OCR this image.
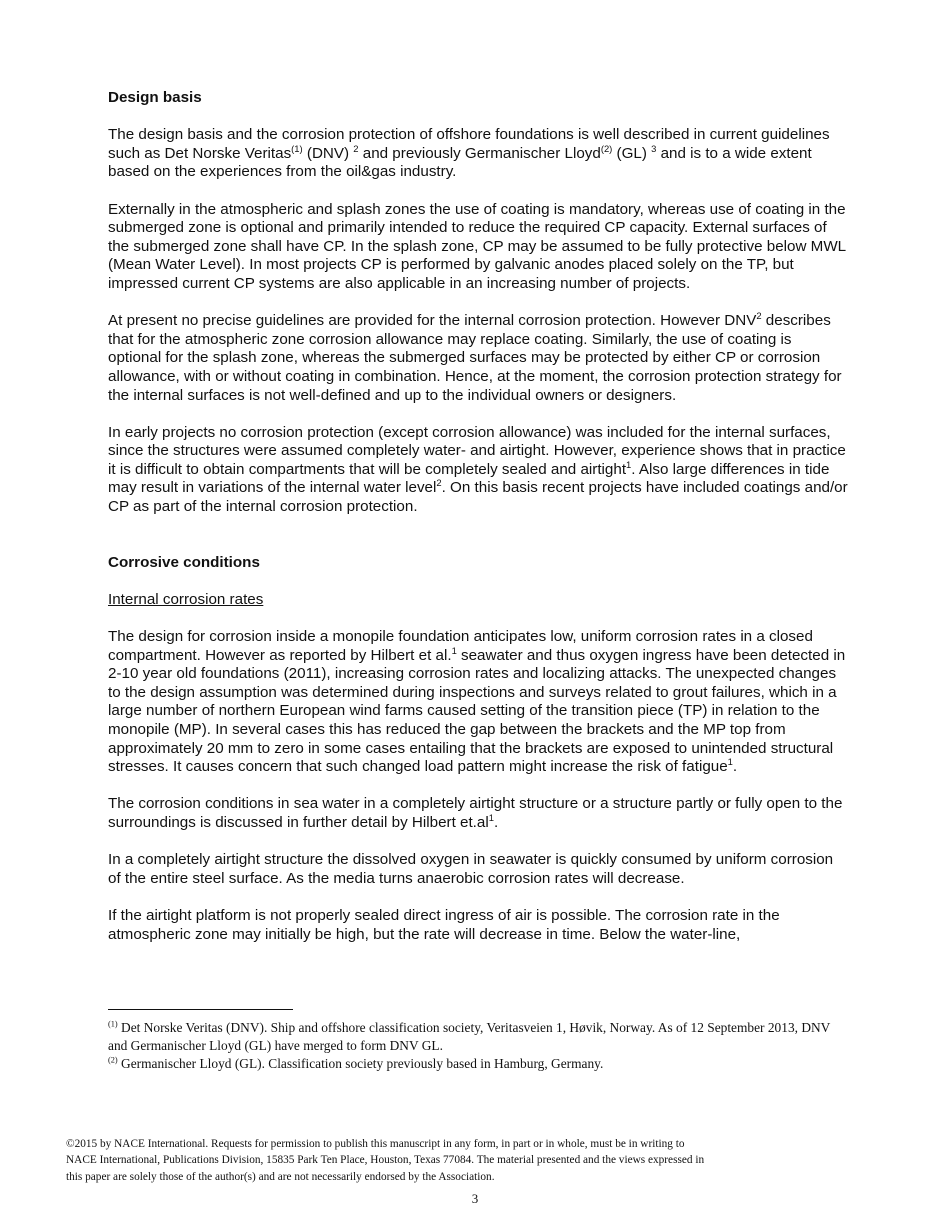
Design basis

The design basis and the corrosion protection of offshore foundations is well described in current guidelines such as Det Norske Veritas$^{(1)}$ (DNV) $^2$ and previously Germanischer Lloyd$^{(2)}$ (GL) $^3$ and is to a wide extent based on the experiences from the oil&gas industry.

Externally in the atmospheric and splash zones the use of coating is mandatory, whereas use of coating in the submerged zone is optional and primarily intended to reduce the required CP capacity. External surfaces of the submerged zone shall have CP. In the splash zone, CP may be assumed to be fully protective below MWL (Mean Water Level). In most projects CP is performed by galvanic anodes placed solely on the TP, but impressed current CP systems are also applicable in an increasing number of projects.

At present no precise guidelines are provided for the internal corrosion protection. However DNV$^2$ describes that for the atmospheric zone corrosion allowance may replace coating. Similarly, the use of coating is optional for the splash zone, whereas the submerged surfaces may be protected by either CP or corrosion allowance, with or without coating in combination. Hence, at the moment, the corrosion protection strategy for the internal surfaces is not well-defined and up to the individual owners or designers.

In early projects no corrosion protection (except corrosion allowance) was included for the internal surfaces, since the structures were assumed completely water- and airtight. However, experience shows that in practice it is difficult to obtain compartments that will be completely sealed and airtight$^1$. Also large differences in tide may result in variations of the internal water level$^2$. On this basis recent projects have included coatings and/or CP as part of the internal corrosion protection.

Corrosive conditions
Internal corrosion rates

The design for corrosion inside a monopile foundation anticipates low, uniform corrosion rates in a closed compartment. However as reported by Hilbert et al.$^1$ seawater and thus oxygen ingress have been detected in 2-10 year old foundations (2011), increasing corrosion rates and localizing attacks. The unexpected changes to the design assumption was determined during inspections and surveys related to grout failures, which in a large number of northern European wind farms caused setting of the transition piece (TP) in relation to the monopile (MP). In several cases this has reduced the gap between the brackets and the MP top from approximately 20 mm to zero in some cases entailing that the brackets are exposed to unintended structural stresses. It causes concern that such changed load pattern might increase the risk of fatigue$^1$.

The corrosion conditions in sea water in a completely airtight structure or a structure partly or fully open to the surroundings is discussed in further detail by Hilbert $et.al^1$.

In a completely airtight structure the dissolved oxygen in seawater is quickly consumed by uniform corrosion of the entire steel surface. As the media turns anaerobic corrosion rates will decrease.

If the airtight platform is not properly sealed direct ingress of air is possible. The corrosion rate in the atmospheric zone may initially be high, but the rate will decrease in time. Below the water-line,

$^{(1)}$ Det Norske Veritas (DNV). Ship and offshore classification society, Veritasveien 1, Høvik, Norway. As of 12 September 2013, DNV and Germanischer Lloyd (GL) have merged to form DNV GL.

$^{(2)}$ Germanischer Lloyd (GL). Classification society previously based in Hamburg, Germany.

©2015 by NACE International. Requests for permission to publish this manuscript in any form, in part or in whole, must be in writing to
NACE International, Publications Division, 15835 Park Ten Place, Houston, Texas 77084. The material presented and the views expressed in
this paper are solely those of the author(s) and are not necessarily endorsed by the Association.

3
